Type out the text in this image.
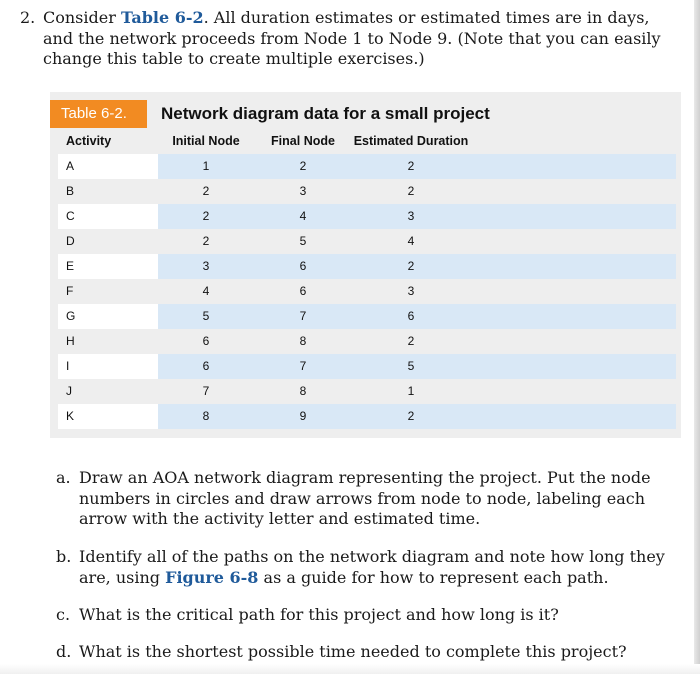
2. Consider Table 6-2. All duration estimates or estimated times are in days, and the network proceeds from Node 1 to Node 9. (Note that you can easily change this table to create multiple exercises.)
Table 6-2.	Network diagram data for a small project
Activity	Initial Node	Final Node	Estimated Duration
A	1	2	2
B	2	3	2
C	2	4	3
D	2	5	4
E	3	6	2
F	4	6	3
G	5	7	6
H	6	8	2
I	6	7	5
J	7	8	1
K	8	9	2
a. Draw an AOA network diagram representing the project. Put the node numbers in circles and draw arrows from node to node, labeling each arrow with the activity letter and estimated time.
b. Identify all of the paths on the network diagram and note how long they are, using Figure 6-8 as a guide for how to represent each path.
c. What is the critical path for this project and how long is it?
d. What is the shortest possible time needed to complete this project?
